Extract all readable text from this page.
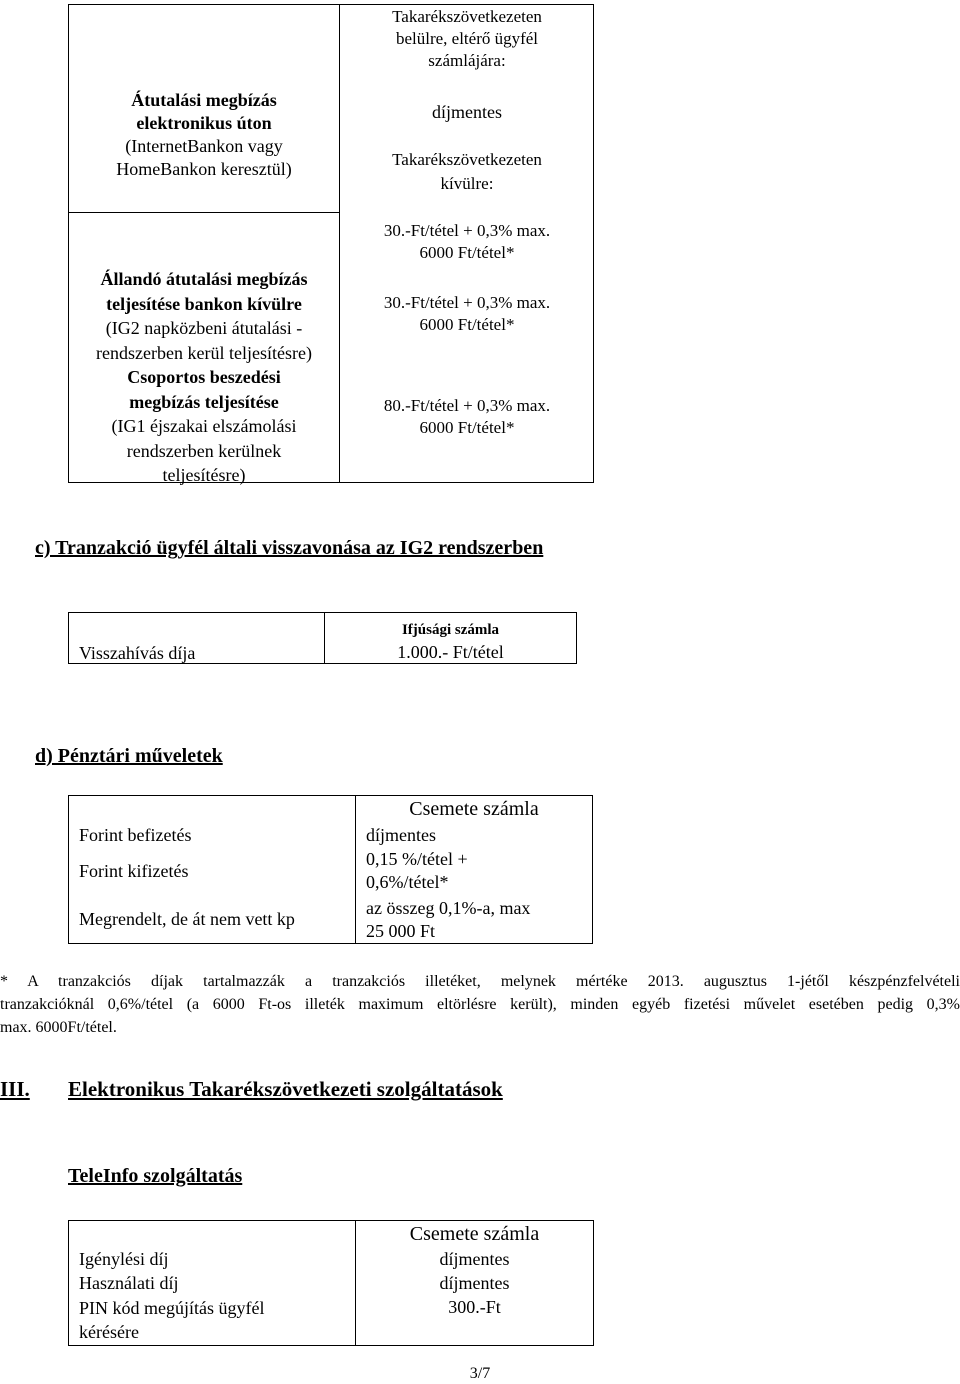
Átutalási megbízás
elektronikus úton
(InternetBankon vagy
HomeBankon keresztül)
Állandó átutalási megbízás
teljesítése bankon kívülre
(IG2 napközbeni átutalási -
rendszerben kerül teljesítésre)
Csoportos beszedési
megbízás teljesítése
(IG1 éjszakai elszámolási
rendszerben kerülnek
teljesítésre)
Takarékszövetkezeten
belülre, eltérő ügyfél
számlájára:
díjmentes
Takarékszövetkezeten
kívülre:
30.-Ft/tétel + 0,3% max.
6000 Ft/tétel*
30.-Ft/tétel + 0,3% max.
6000 Ft/tétel*
80.-Ft/tétel + 0,3% max.
6000 Ft/tétel*
c) Tranzakció ügyfél általi visszavonása az IG2 rendszerben
Visszahívás díja
Ifjúsági számla
1.000.- Ft/tétel
d) Pénztári műveletek
Forint befizetés
Forint kifizetés
Megrendelt, de át nem vett kp
Csemete számla
díjmentes
0,15 %/tétel +
0,6%/tétel*
az összeg 0,1%-a, max
25 000 Ft
* A tranzakciós díjak tartalmazzák a tranzakciós illetéket, melynek mértéke 2013. augusztus 1-jétől készpénzfelvételi
tranzakcióknál 0,6%/tétel (a 6000 Ft-os illeték maximum eltörlésre került), minden egyéb fizetési művelet esetében pedig 0,3%
max. 6000Ft/tétel.
III. Elektronikus Takarékszövetkezeti szolgáltatások
TeleInfo szolgáltatás
Igénylési díj
Használati díj
PIN kód megújítás ügyfél
kérésére
Csemete számla
díjmentes
díjmentes
300.-Ft
3/7
